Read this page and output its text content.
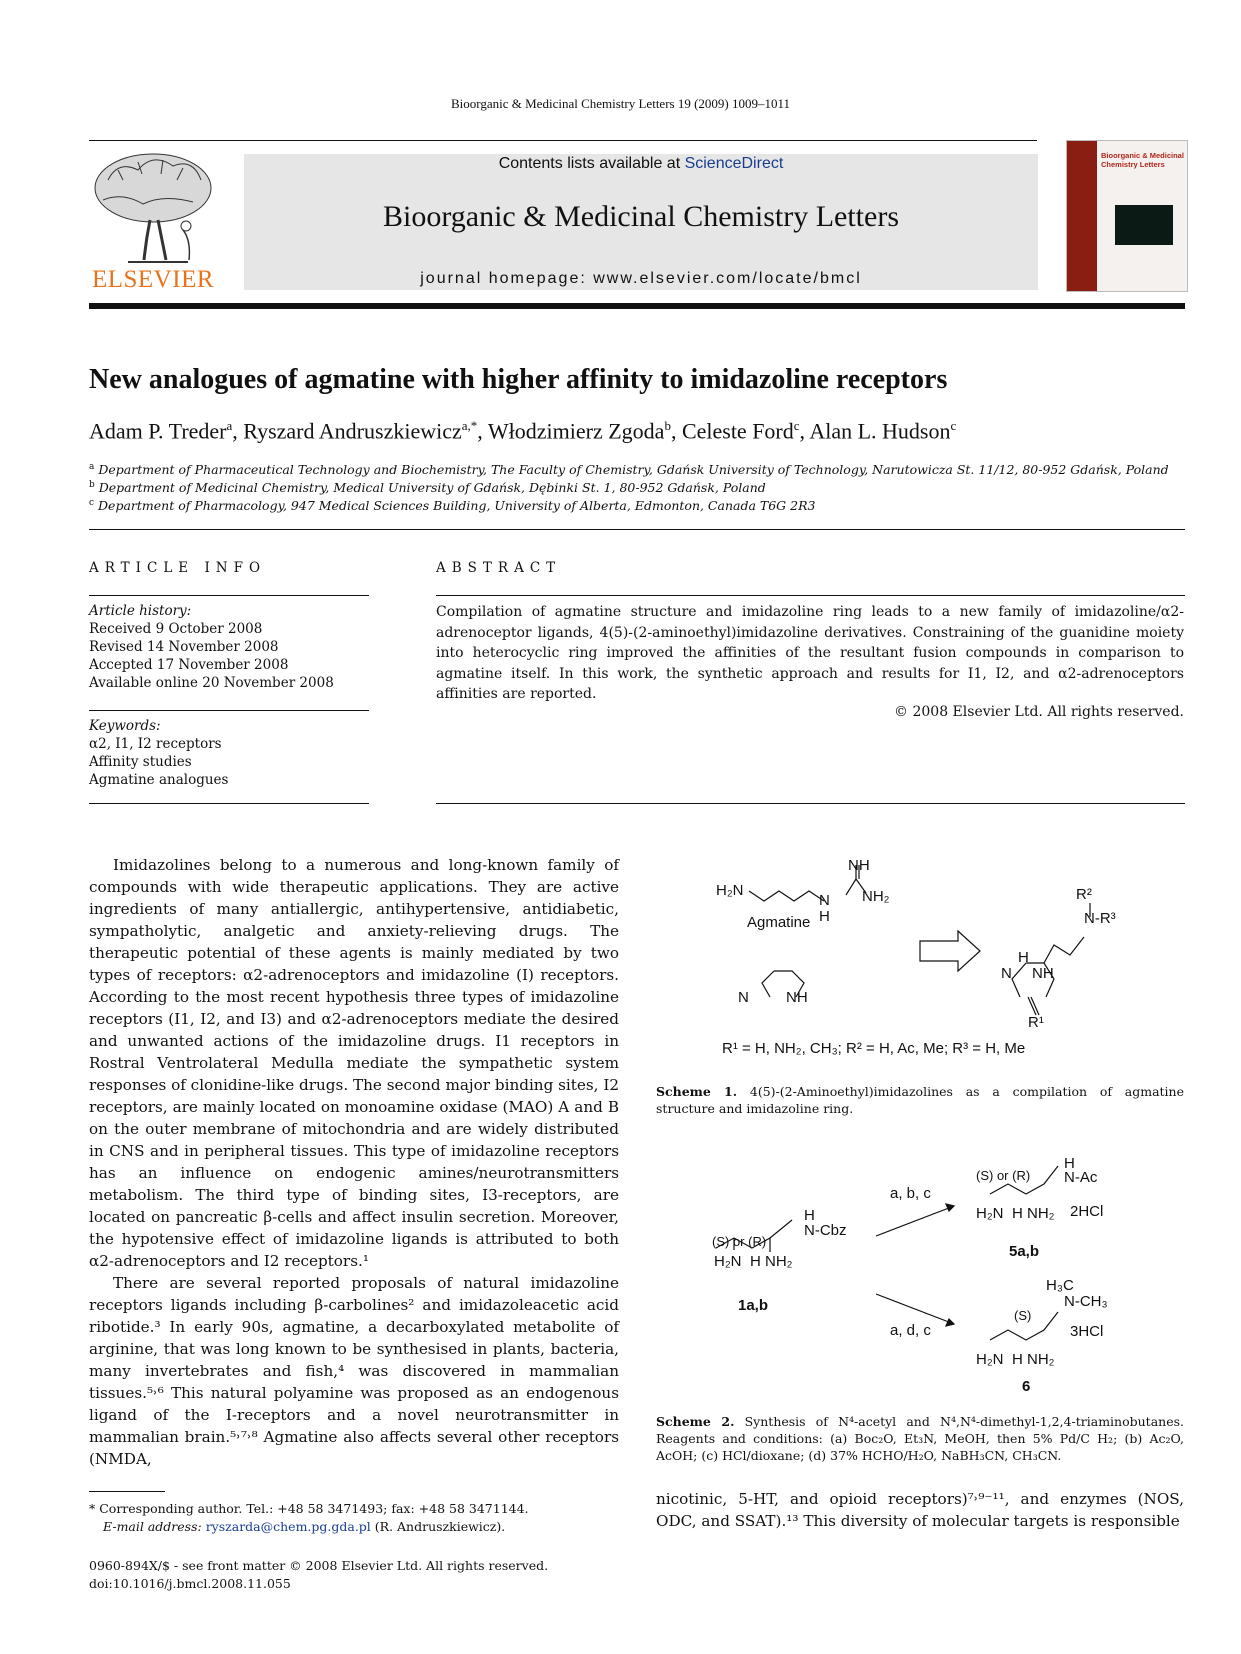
Bioorganic & Medicinal Chemistry Letters 19 (2009) 1009–1011
ELSEVIER
Contents lists available at ScienceDirect
Bioorganic & Medicinal Chemistry Letters
journal homepage: www.elsevier.com/locate/bmcl
Bioorganic & Medicinal Chemistry Letters
New analogues of agmatine with higher affinity to imidazoline receptors
Adam P. Treder$^a$, Ryszard Andruszkiewicz$^{a,*}$, Włodzimierz Zgoda$^b$, Celeste Ford$^c$, Alan L. Hudson$^c$
$^a$ Department of Pharmaceutical Technology and Biochemistry, The Faculty of Chemistry, Gdańsk University of Technology, Narutowicza St. 11/12, 80-952 Gdańsk, Poland
$^b$ Department of Medicinal Chemistry, Medical University of Gdańsk, Dębinki St. 1, 80-952 Gdańsk, Poland
$^c$ Department of Pharmacology, 947 Medical Sciences Building, University of Alberta, Edmonton, Canada T6G 2R3
ARTICLE INFO
Article history:
Received 9 October 2008
Revised 14 November 2008
Accepted 17 November 2008
Available online 20 November 2008
Keywords:
α2, I1, I2 receptors
Affinity studies
Agmatine analogues
ABSTRACT
Compilation of agmatine structure and imidazoline ring leads to a new family of imidazoline/α2-adrenoceptor ligands, 4(5)-(2-aminoethyl)imidazoline derivatives. Constraining of the guanidine moiety into heterocyclic ring improved the affinities of the resultant fusion compounds in comparison to agmatine itself. In this work, the synthetic approach and results for I1, I2, and α2-adrenoceptors affinities are reported.
© 2008 Elsevier Ltd. All rights reserved.

Imidazolines belong to a numerous and long-known family of compounds with wide therapeutic applications. They are active ingredients of many antiallergic, antihypertensive, antidiabetic, sympatholytic, analgetic and anxiety-relieving drugs. The therapeutic potential of these agents is mainly mediated by two types of receptors: α2-adrenoceptors and imidazoline (I) receptors. According to the most recent hypothesis three types of imidazoline receptors (I1, I2, and I3) and α2-adrenoceptors mediate the desired and unwanted actions of the imidazoline drugs. I1 receptors in Rostral Ventrolateral Medulla mediate the sympathetic system responses of clonidine-like drugs. The second major binding sites, I2 receptors, are mainly located on monoamine oxidase (MAO) A and B on the outer membrane of mitochondria and are widely distributed in CNS and in peripheral tissues. This type of imidazoline receptors has an influence on endogenic amines/neurotransmitters metabolism. The third type of binding sites, I3-receptors, are located on pancreatic β-cells and affect insulin secretion. Moreover, the hypotensive effect of imidazoline ligands is attributed to both α2-adrenoceptors and I2 receptors.¹

There are several reported proposals of natural imidazoline receptors ligands including β-carbolines² and imidazoleacetic acid ribotide.³ In early 90s, agmatine, a decarboxylated metabolite of arginine, that was long known to be synthesised in plants, bacteria, many invertebrates and fish,⁴ was discovered in mammalian tissues.⁵˒⁶ This natural polyamine was proposed as an endogenous ligand of the I-receptors and a novel neurotransmitter in mammalian brain.⁵˒⁷˒⁸ Agmatine also affects several other receptors (NMDA,

H₂N
NH
N
H
NH₂
Agmatine
N NH
H
N NH
R¹
R²
N-R³
R¹ = H, NH₂, CH₃; R² = H, Ac, Me; R³ = H, Me
Scheme 1. 4(5)-(2-Aminoethyl)imidazolines as a compilation of agmatine structure and imidazoline ring.
H
N-Cbz
(S) or (R)
H₂N H NH₂
1a,b
a, b, c
a, d, c
H
N-Ac
(S) or (R)
2HCl
H₂N H NH₂
5a,b
H₃C
N-CH₃
(S)
3HCl
H₂N H NH₂
6
Scheme 2. Synthesis of N⁴-acetyl and N⁴,N⁴-dimethyl-1,2,4-triaminobutanes. Reagents and conditions: (a) Boc₂O, Et₃N, MeOH, then 5% Pd/C H₂; (b) Ac₂O, AcOH; (c) HCl/dioxane; (d) 37% HCHO/H₂O, NaBH₃CN, CH₃CN.
nicotinic, 5-HT, and opioid receptors)⁷˒⁹⁻¹¹, and enzymes (NOS, ODC, and SSAT).¹³ This diversity of molecular targets is responsible
* Corresponding author. Tel.: +48 58 3471493; fax: +48 58 3471144.
E-mail address: ryszarda@chem.pg.gda.pl (R. Andruszkiewicz).
0960-894X/$ - see front matter © 2008 Elsevier Ltd. All rights reserved.
doi:10.1016/j.bmcl.2008.11.055
